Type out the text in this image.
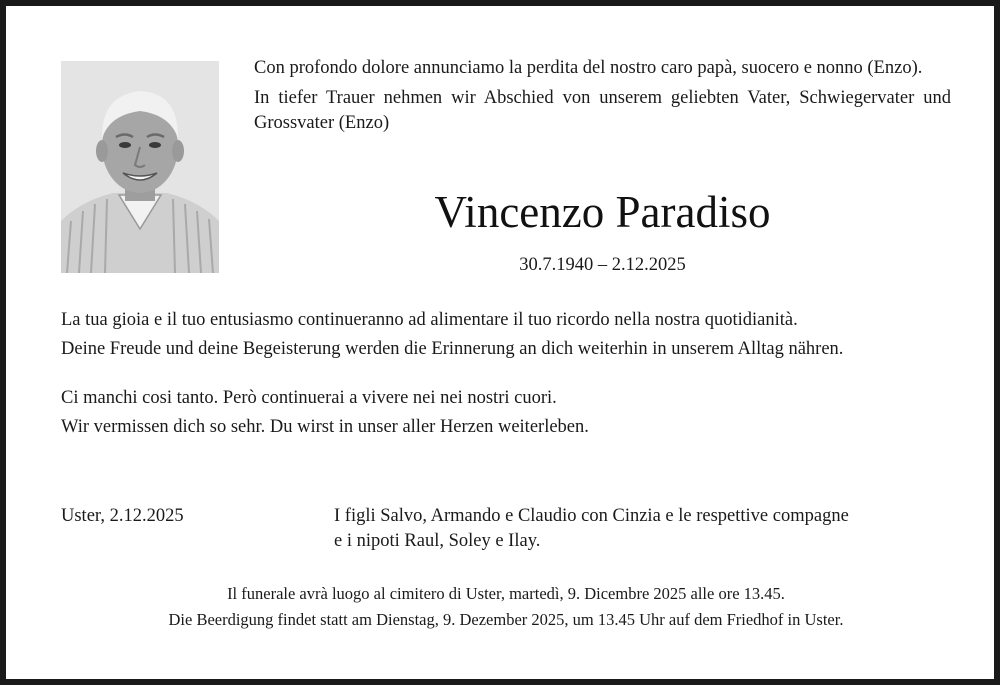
Con profondo dolore annunciamo la perdita del nostro caro papà, suocero e nonno (Enzo).

In tiefer Trauer nehmen wir Abschied von unserem geliebten Vater, Schwiegervater und Grossvater (Enzo)

Vincenzo Paradiso
30.7.1940 – 2.12.2025

La tua gioia e il tuo entusiasmo continueranno ad alimentare il tuo ricordo nella nostra quotidianità.

Deine Freude und deine Begeisterung werden die Erinnerung an dich weiterhin in unserem Alltag nähren.

Ci manchi cosi tanto. Però continuerai a vivere nei nei nostri cuori.

Wir vermissen dich so sehr. Du wirst in unser aller Herzen weiterleben.

Uster, 2.12.2025	I figli Salvo, Armando e Claudio con Cinzia e le respettive compagne
e i nipoti Raul, Soley e Ilay.

Il funerale avrà luogo al cimitero di Uster, martedì, 9. Dicembre 2025 alle ore 13.45.

Die Beerdigung findet statt am Dienstag, 9. Dezember 2025, um 13.45 Uhr auf dem Friedhof in Uster.
